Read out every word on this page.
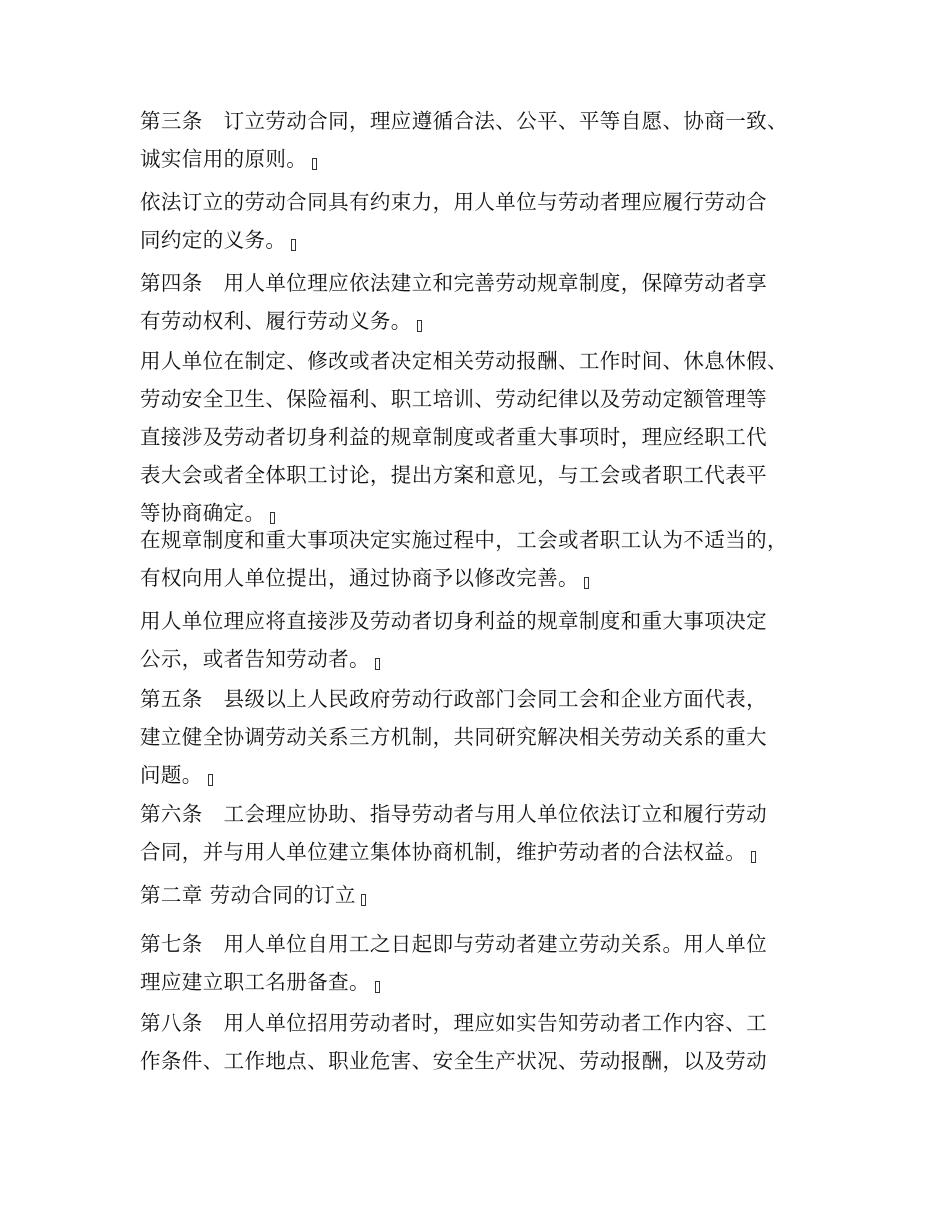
第三条　订立劳动合同，理应遵循合法、公平、平等自愿、协商一致、
诚实信用的原则。
依法订立的劳动合同具有约束力，用人单位与劳动者理应履行劳动合
同约定的义务。
第四条　用人单位理应依法建立和完善劳动规章制度，保障劳动者享
有劳动权利、履行劳动义务。
用人单位在制定、修改或者决定相关劳动报酬、工作时间、休息休假、
劳动安全卫生、保险福利、职工培训、劳动纪律以及劳动定额管理等
直接涉及劳动者切身利益的规章制度或者重大事项时，理应经职工代
表大会或者全体职工讨论，提出方案和意见，与工会或者职工代表平
等协商确定。
在规章制度和重大事项决定实施过程中，工会或者职工认为不适当的，
有权向用人单位提出，通过协商予以修改完善。
用人单位理应将直接涉及劳动者切身利益的规章制度和重大事项决定
公示，或者告知劳动者。
第五条　县级以上人民政府劳动行政部门会同工会和企业方面代表，
建立健全协调劳动关系三方机制，共同研究解决相关劳动关系的重大
问题。
第六条　工会理应协助、指导劳动者与用人单位依法订立和履行劳动
合同，并与用人单位建立集体协商机制，维护劳动者的合法权益。
第二章 劳动合同的订立
第七条　用人单位自用工之日起即与劳动者建立劳动关系。用人单位
理应建立职工名册备查。
第八条　用人单位招用劳动者时，理应如实告知劳动者工作内容、工
作条件、工作地点、职业危害、安全生产状况、劳动报酬，以及劳动
